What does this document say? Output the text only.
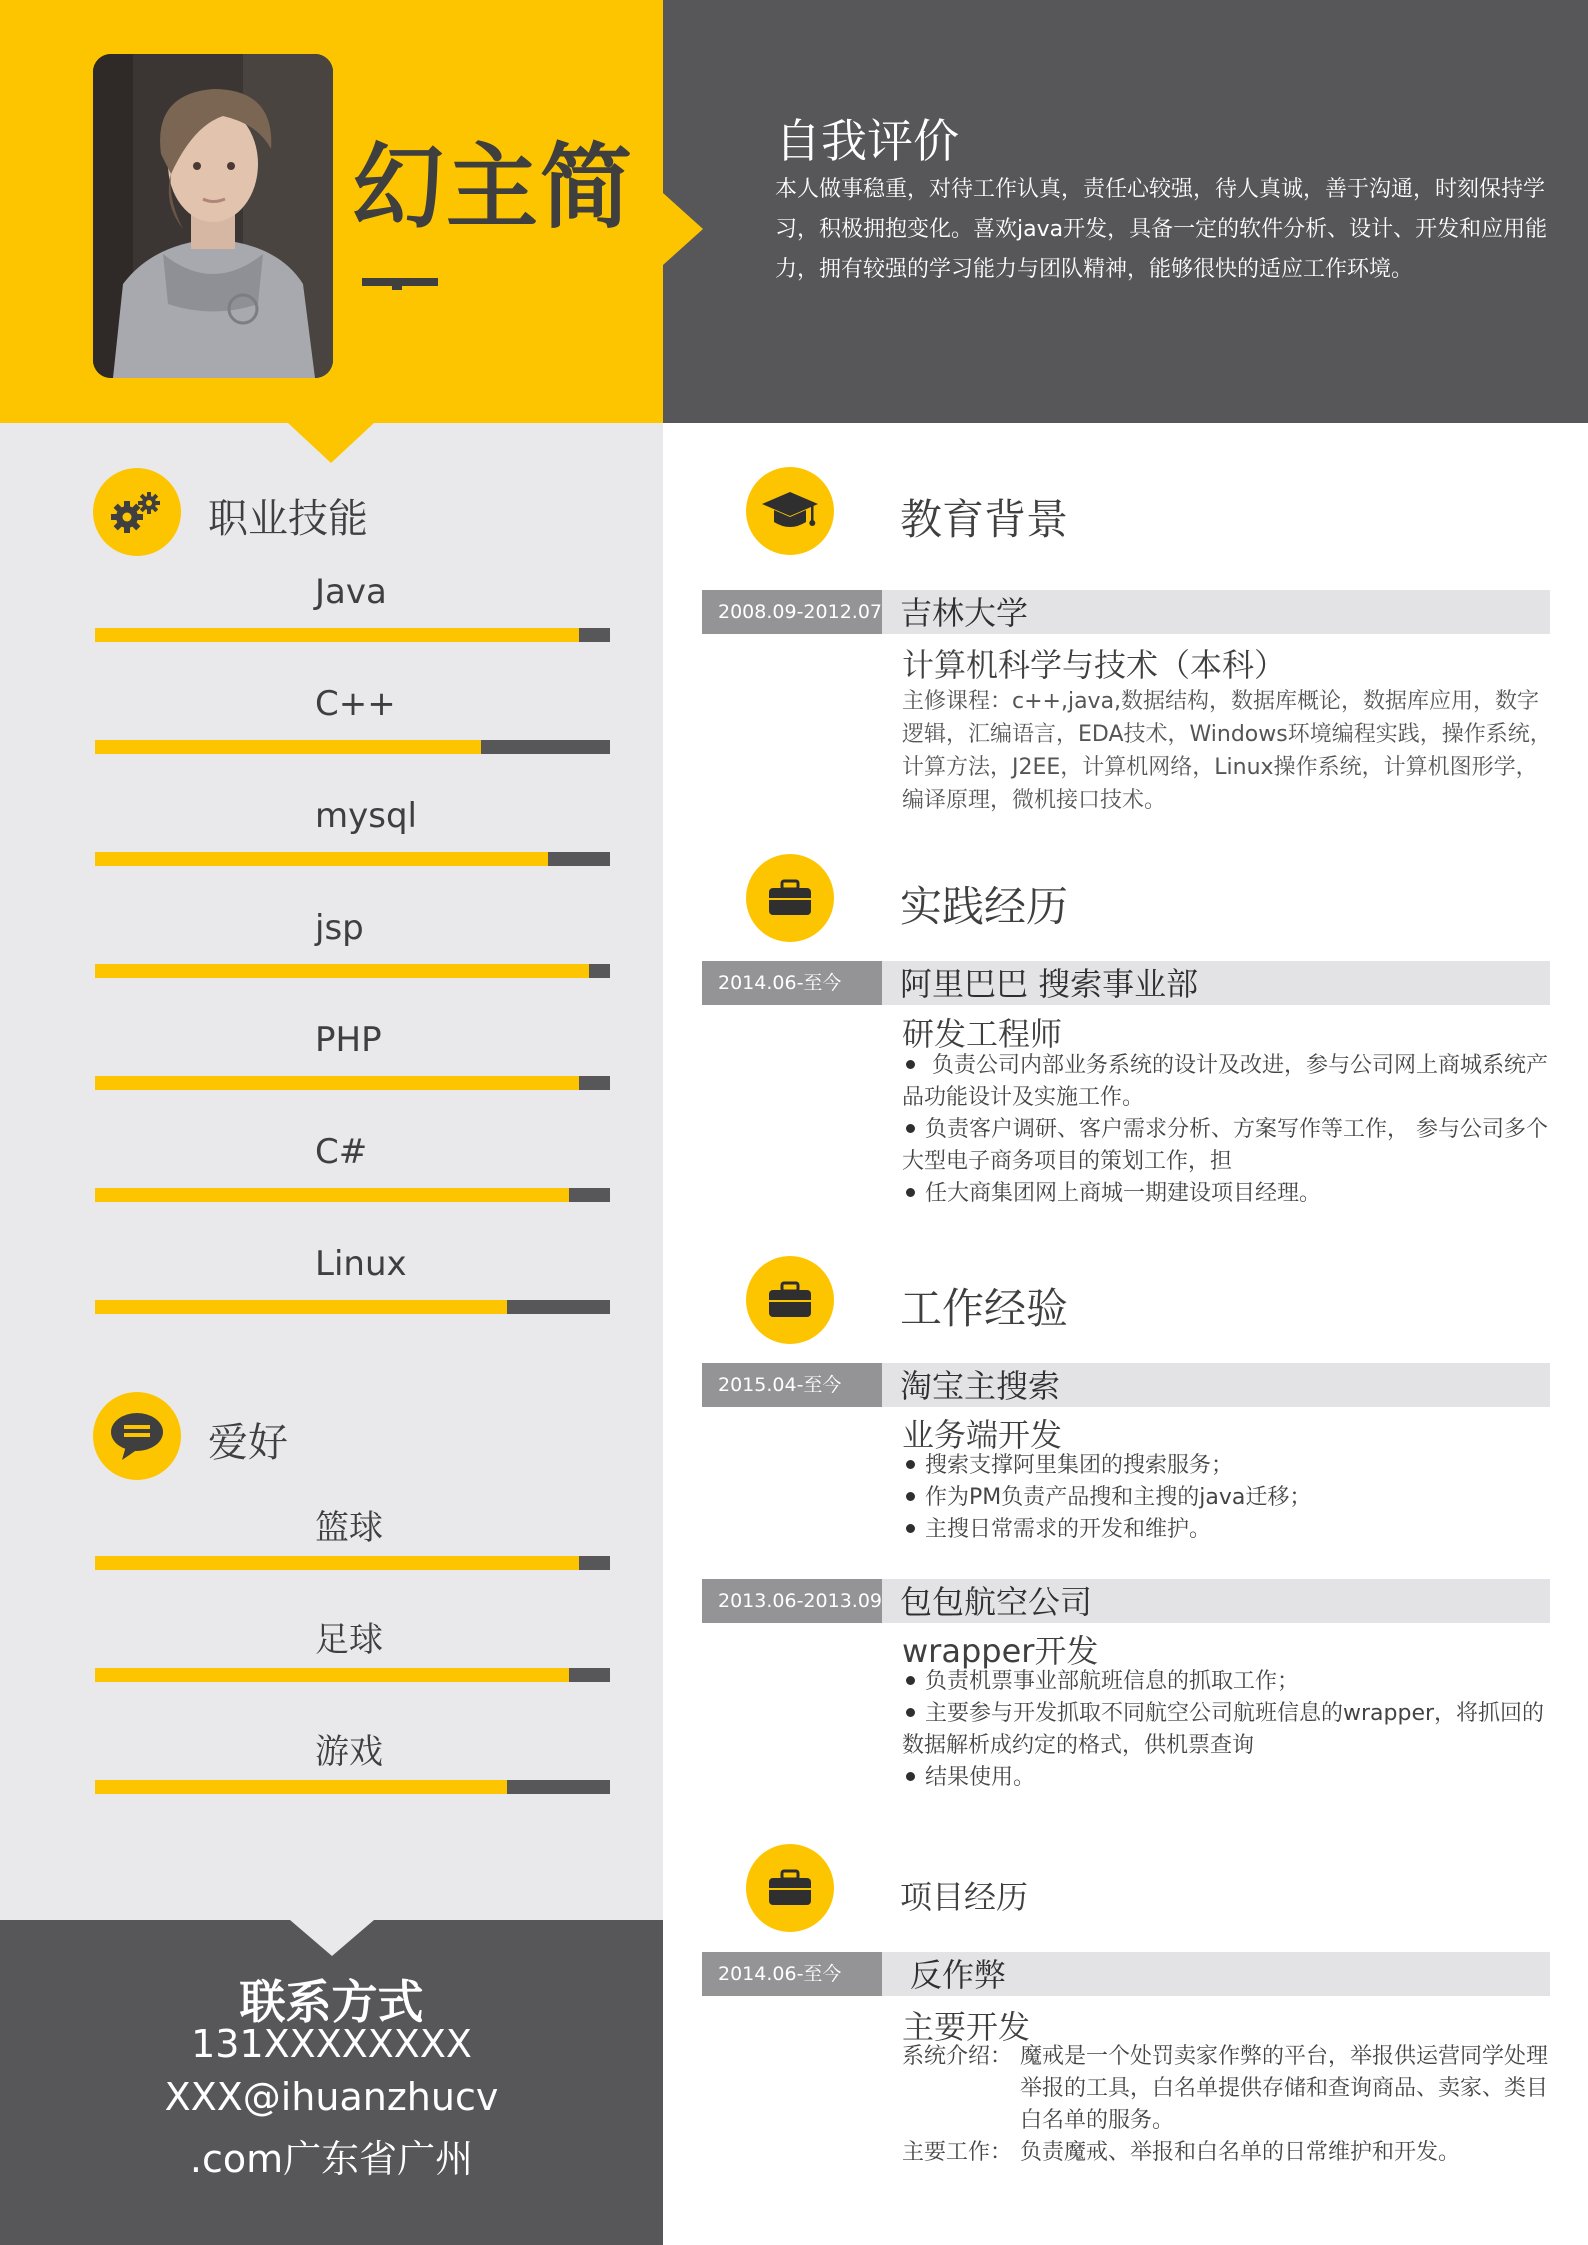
幻主简	自我评价
本人做事稳重，对待工作认真，责任心较强，待人真诚，善于沟通，时刻保持学习，积极拥抱变化。喜欢java开发，具备一定的软件分析、设计、开发和应用能力，拥有较强的学习能力与团队精神，能够很快的适应工作环境。
职业技能
Java
C++
mysql
jsp
PHP
C#
Linux
爱好
篮球
足球
游戏
联系方式
131XXXXXXXX
XXX@ihuanzhucv
.com广东省广州
教育背景
2008.09-2012.07 吉林大学
计算机科学与技术（本科）
主修课程：c++,java,数据结构，数据库概论，数据库应用，数字逻辑，汇编语言，EDA技术，Windows环境编程实践，操作系统，计算方法，J2EE，计算机网络，Linux操作系统，计算机图形学，编译原理，微机接口技术。
实践经历
2014.06-至今	阿里巴巴 搜索事业部
研发工程师
负责公司内部业务系统的设计及改进，参与公司网上商城系统产品功能设计及实施工作。
负责客户调研、客户需求分析、方案写作等工作， 参与公司多个大型电子商务项目的策划工作，担
任大商集团网上商城一期建设项目经理。
工作经验
2015.04-至今	淘宝主搜索
业务端开发
搜索支撑阿里集团的搜索服务；
作为PM负责产品搜和主搜的java迁移；
主搜日常需求的开发和维护。
2013.06-2013.09 包包航空公司
wrapper开发
负责机票事业部航班信息的抓取工作；
主要参与开发抓取不同航空公司航班信息的wrapper，将抓回的数据解析成约定的格式，供机票查询
结果使用。
项目经历
2014.06-至今	反作弊
主要开发
系统介绍： 魔戒是一个处罚卖家作弊的平台，举报供运营同学处理举报的工具，白名单提供存储和查询商品、卖家、类目白名单的服务。
主要工作： 负责魔戒、举报和白名单的日常维护和开发。
